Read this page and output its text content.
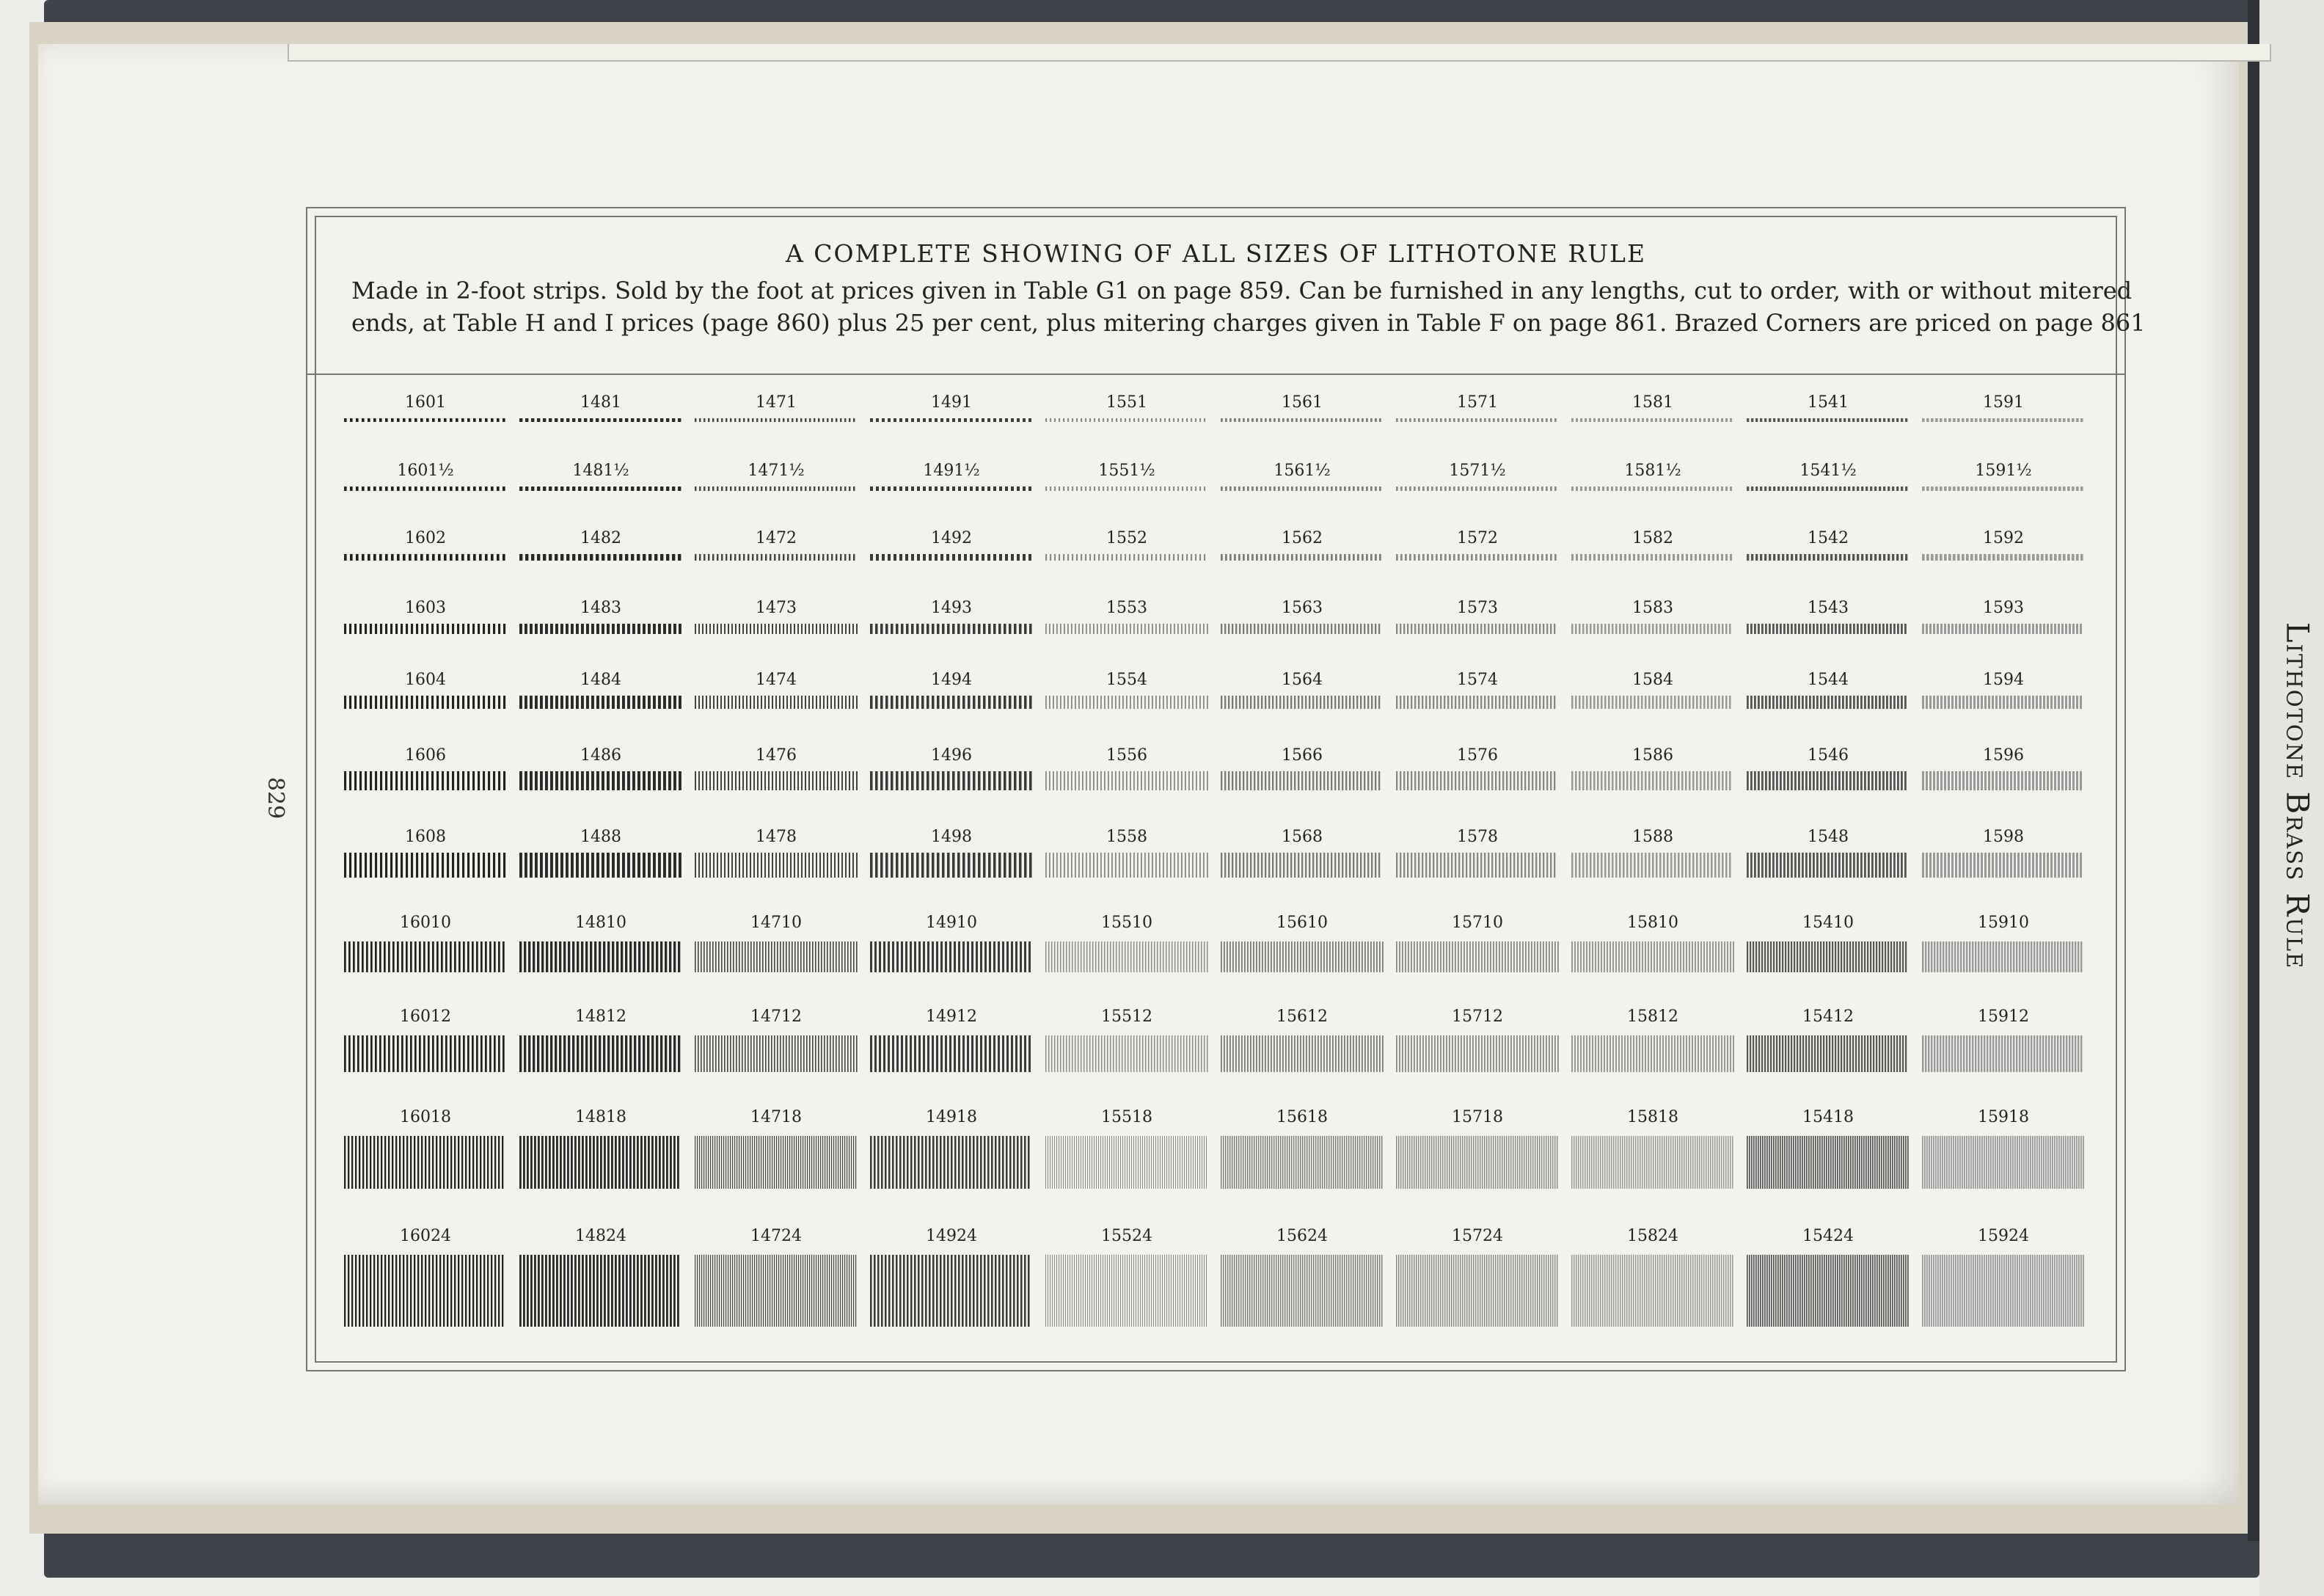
A COMPLETE SHOWING OF ALL SIZES OF LITHOTONE RULE
Made in 2-foot strips. Sold by the foot at prices given in Table G1 on page 859. Can be furnished in any lengths, cut to order, with or without mitered
ends, at Table H and I prices (page 860) plus 25 per cent, plus mitering charges given in Table F on page 861. Brazed Corners are priced on page 861
1601	1481	1471	1491	1551	1561	1571	1581	1541	1591
1601½	1481½	1471½	1491½	1551½	1561½	1571½	1581½	1541½	1591½
1602	1482	1472	1492	1552	1562	1572	1582	1542	1592
1603	1483	1473	1493	1553	1563	1573	1583	1543	1593
1604	1484	1474	1494	1554	1564	1574	1584	1544	1594
1606	1486	1476	1496	1556	1566	1576	1586	1546	1596
1608	1488	1478	1498	1558	1568	1578	1588	1548	1598
16010	14810	14710	14910	15510	15610	15710	15810	15410	15910
16012	14812	14712	14912	15512	15612	15712	15812	15412	15912
16018	14818	14718	14918	15518	15618	15718	15818	15418	15918
16024	14824	14724	14924	15524	15624	15724	15824	15424	15924
829	Lithotone Brass Rule
